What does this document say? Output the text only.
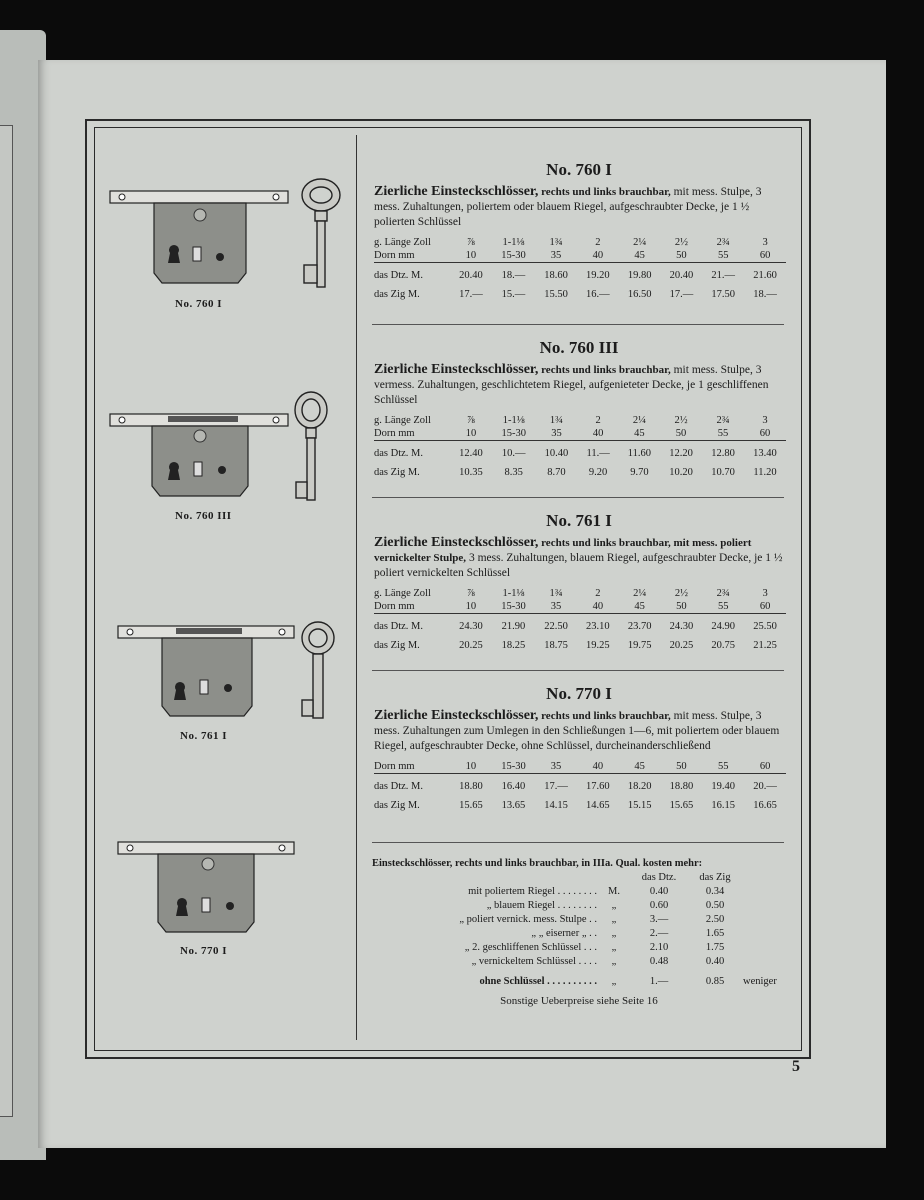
No. 760 I
No. 760 III
No. 761 I
No. 770 I
No. 760 I
Zierliche Einsteckschlösser, rechts und links brauchbar, mit mess. Stulpe, 3 mess. Zuhaltungen, poliertem oder blauem Riegel, aufgeschraubter Decke, je 1 ½ polierten Schlüssel
g. Länge Zoll	⅞	1-1⅛	1¾	2	2¼	2½	2¾	3
Dorn mm	10	15-30	35	40	45	50	55	60

das Dtz. M.	20.40	18.—	18.60	19.20	19.80	20.40	21.—	21.60

das Zig M.	17.—	15.—	15.50	16.—	16.50	17.—	17.50	18.—
No. 760 III
Zierliche Einsteckschlösser, rechts und links brauchbar, mit mess. Stulpe, 3 vermess. Zuhaltungen, geschlichtetem Riegel, aufgenieteter Decke, je 1 geschliffenen Schlüssel
g. Länge Zoll	⅞	1-1⅛	1¾	2	2¼	2½	2¾	3
Dorn mm	10	15-30	35	40	45	50	55	60

das Dtz. M.	12.40	10.—	10.40	11.—	11.60	12.20	12.80	13.40

das Zig M.	10.35	8.35	8.70	9.20	9.70	10.20	10.70	11.20
No. 761 I
Zierliche Einsteckschlösser, rechts und links brauchbar, mit mess. poliert vernickelter Stulpe, 3 mess. Zuhaltungen, blauem Riegel, aufgeschraubter Decke, je 1 ½ poliert vernickelten Schlüssel
g. Länge Zoll	⅞	1-1⅛	1¾	2	2¼	2½	2¾	3
Dorn mm	10	15-30	35	40	45	50	55	60

das Dtz. M.	24.30	21.90	22.50	23.10	23.70	24.30	24.90	25.50

das Zig M.	20.25	18.25	18.75	19.25	19.75	20.25	20.75	21.25
No. 770 I
Zierliche Einsteckschlösser, rechts und links brauchbar, mit mess. Stulpe, 3 mess. Zuhaltungen zum Umlegen in den Schließungen 1—6, mit poliertem oder blauem Riegel, aufgeschraubter Decke, ohne Schlüssel, durcheinanderschließend
Dorn mm	10	15-30	35	40	45	50	55	60

das Dtz. M.	18.80	16.40	17.—	17.60	18.20	18.80	19.40	20.—

das Zig M.	15.65	13.65	14.15	14.65	15.15	15.65	16.15	16.65
Einsteckschlösser, rechts und links brauchbar, in IIIa. Qual. kosten mehr:
		das Dtz.	das Zig	
mit poliertem Riegel . . . . . . . .	M.	0.40	0.34	
„ blauem Riegel . . . . . . . .	„	0.60	0.50	
„ poliert vernick. mess. Stulpe . .	„	3.—	2.50	
„ „ eiserner „ . .	„	2.—	1.65	
„ 2. geschliffenen Schlüssel . . .	„	2.10	1.75	
„ vernickeltem Schlüssel . . . .	„	0.48	0.40	

ohne Schlüssel . . . . . . . . . .	„	1.—	0.85	weniger
Sonstige Ueberpreise siehe Seite 16
5
